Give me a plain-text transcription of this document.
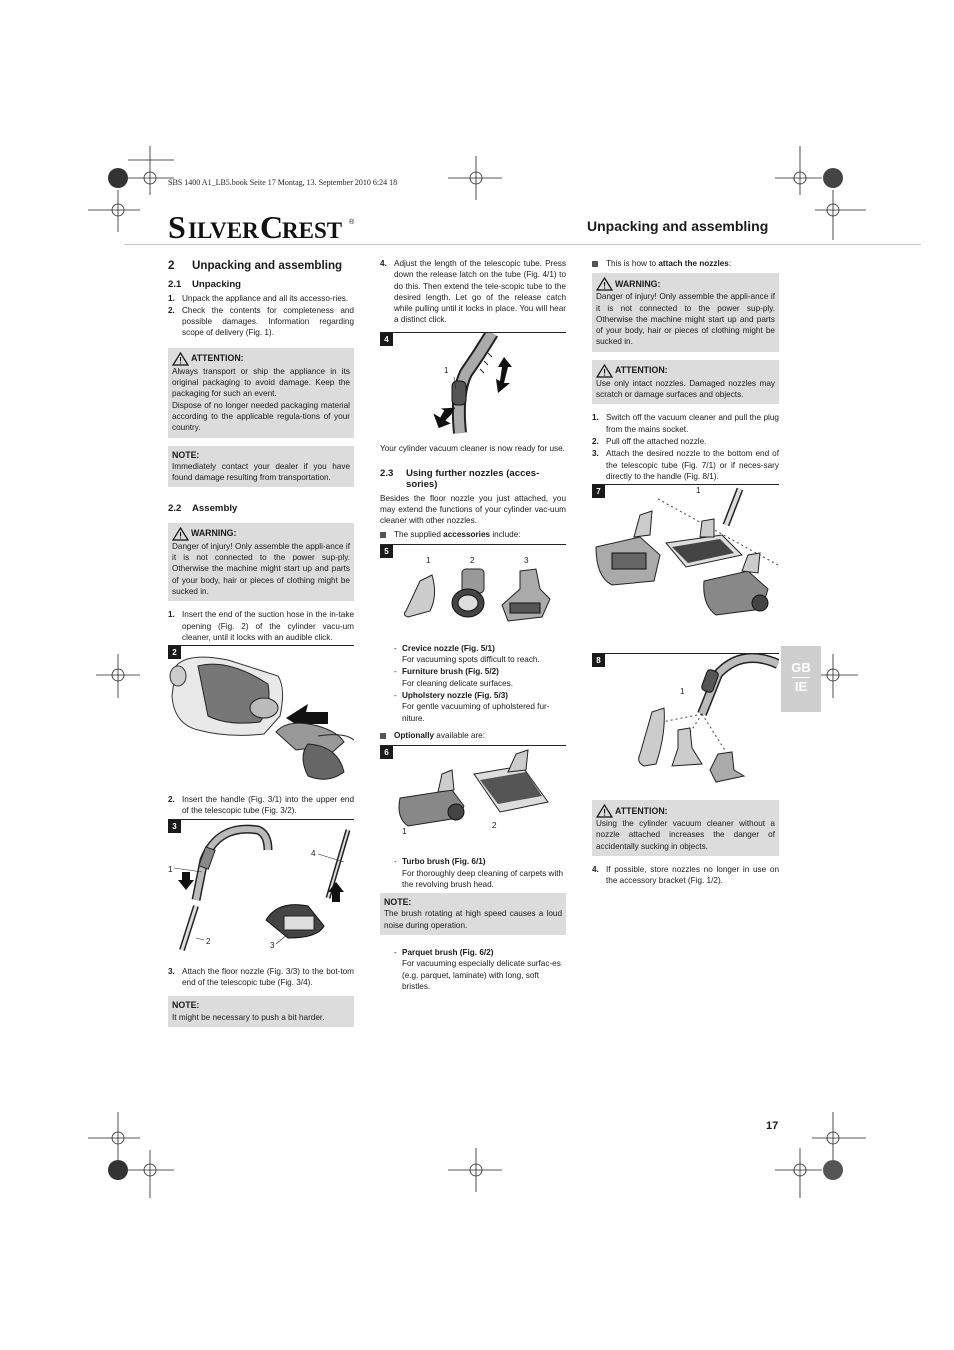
SBS 1400 A1_LB5.book Seite 17 Montag, 13. September 2010 6:24 18
S ILVER C
REST ®	Unpacking and assembling
2 Unpacking and assembling
2.1 Unpacking
1. Unpack the appliance and all its accesso-ries.
2. Check the contents for completeness and possible damages. Information regarding scope of delivery (Fig. 1).
ATTENTION:

Always transport or ship the appliance in its original packaging to avoid damage. Keep the packaging for such an event.

Dispose of no longer needed packaging material according to the applicable regula-tions of your country.

NOTE:

Immediately contact your dealer if you have found damage resulting from transportation.

2.2 Assembly
WARNING:

Danger of injury! Only assemble the appli-ance if it is not connected to the power sup-ply. Otherwise the machine might start up and parts of your body, hair or pieces of clothing might be sucked in.

1. Insert the end of the suction hose in the in-take opening (Fig. 2) of the cylinder vacu-um cleaner, until it locks with an audible click.
2
2. Insert the handle (Fig. 3/1) into the upper end of the telescopic tube (Fig. 3/2).
3
1
2	3
4
3. Attach the floor nozzle (Fig. 3/3) to the bot-tom end of the telescopic tube (Fig. 3/4).
NOTE:

It might be necessary to push a bit harder.

4. Adjust the length of the telescopic tube. Press down the release latch on the tube (Fig. 4/1) to do this. Then extend the tele-scopic tube to the desired length. Let go of the release catch while pulling until it locks in place. You will hear a distinct click.
4
1

Your cylinder vacuum cleaner is now ready for use.

2.3	Using further nozzles (acces-sories)

Besides the floor nozzle you just attached, you may extend the functions of your cylinder vac-uum cleaner with other nozzles.

The supplied accessories include:
5
1	2	3
- Crevice nozzle (Fig. 5/1)
For vacuuming spots difficult to reach.
- Furniture brush (Fig. 5/2)
For cleaning delicate surfaces.
- Upholstery nozzle (Fig. 5/3)
For gentle vacuuming of upholstered fur-niture.
Optionally available are:
6
1
2
- Turbo brush (Fig. 6/1)
For thoroughly deep cleaning of carpets with the revolving brush head.
NOTE:

The brush rotating at high speed causes a loud noise during operation.

- Parquet brush (Fig. 6/2)
For vacuuming especially delicate surfac-es (e.g. parquet, laminate) with long, soft bristles.
This is how to attach the nozzles:
WARNING:

Danger of injury! Only assemble the appli-ance if it is not connected to the power sup-ply. Otherwise the machine might start up and parts of your body, hair or pieces of clothing might be sucked in.

ATTENTION:

Use only intact nozzles. Damaged nozzles may scratch or damage surfaces and objects.

1. Switch off the vacuum cleaner and pull the plug from the mains socket.
2. Pull off the attached nozzle.
3. Attach the desired nozzle to the bottom end of the telescopic tube (Fig. 7/1) or if neces-sary directly to the handle (Fig. 8/1).
7	1
8
1
ATTENTION:

Using the cylinder vacuum cleaner without a nozzle attached increases the danger of accidentally sucking in objects.

4. If possible, store nozzles no longer in use on the accessory bracket (Fig. 1/2).
GB
IE
17
